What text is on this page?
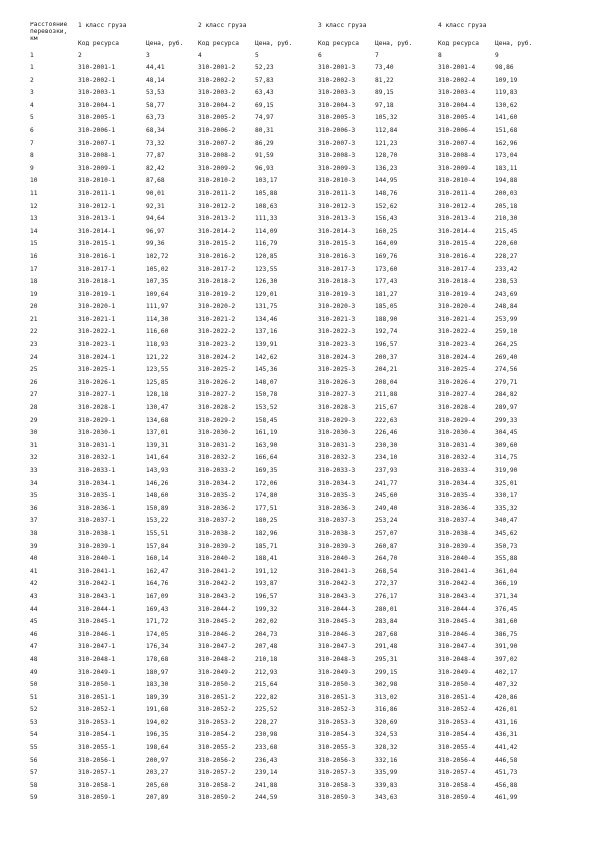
Расстояние перевозки, км	1 класс груза		2 класс груза		3 класс груза		4 класс груза	
	Код ресурса	Цена, руб.	Код ресурса	Цена, руб.	Код ресурса	Цена, руб.	Код ресурса	Цена, руб.
1	2	3	4	5	6	7	8	9
1	310-2001-1	44,41	310-2001-2	52,23	310-2001-3	73,40	310-2001-4	98,86
2	310-2002-1	48,14	310-2002-2	57,83	310-2002-3	81,22	310-2002-4	109,19
3	310-2003-1	53,53	310-2003-2	63,43	310-2003-3	89,15	310-2003-4	119,83
4	310-2004-1	58,77	310-2004-2	69,15	310-2004-3	97,18	310-2004-4	130,62
5	310-2005-1	63,73	310-2005-2	74,97	310-2005-3	105,32	310-2005-4	141,60
6	310-2006-1	68,34	310-2006-2	80,31	310-2006-3	112,84	310-2006-4	151,68
7	310-2007-1	73,32	310-2007-2	86,29	310-2007-3	121,23	310-2007-4	162,96
8	310-2008-1	77,87	310-2008-2	91,59	310-2008-3	128,70	310-2008-4	173,04
9	310-2009-1	82,42	310-2009-2	96,93	310-2009-3	136,23	310-2009-4	183,11
10	310-2010-1	87,68	310-2010-2	103,17	310-2010-3	144,95	310-2010-4	194,88
11	310-2011-1	90,01	310-2011-2	105,88	310-2011-3	148,76	310-2011-4	200,03
12	310-2012-1	92,31	310-2012-2	108,63	310-2012-3	152,62	310-2012-4	205,18
13	310-2013-1	94,64	310-2013-2	111,33	310-2013-3	156,43	310-2013-4	210,30
14	310-2014-1	96,97	310-2014-2	114,09	310-2014-3	160,25	310-2014-4	215,45
15	310-2015-1	99,36	310-2015-2	116,79	310-2015-3	164,09	310-2015-4	220,60
16	310-2016-1	102,72	310-2016-2	120,85	310-2016-3	169,76	310-2016-4	228,27
17	310-2017-1	105,02	310-2017-2	123,55	310-2017-3	173,60	310-2017-4	233,42
18	310-2018-1	107,35	310-2018-2	126,30	310-2018-3	177,43	310-2018-4	238,53
19	310-2019-1	109,64	310-2019-2	129,01	310-2019-3	181,27	310-2019-4	243,69
20	310-2020-1	111,97	310-2020-2	131,75	310-2020-3	185,05	310-2020-4	248,84
21	310-2021-1	114,30	310-2021-2	134,46	310-2021-3	188,90	310-2021-4	253,99
22	310-2022-1	116,60	310-2022-2	137,16	310-2022-3	192,74	310-2022-4	259,10
23	310-2023-1	118,93	310-2023-2	139,91	310-2023-3	196,57	310-2023-4	264,25
24	310-2024-1	121,22	310-2024-2	142,62	310-2024-3	200,37	310-2024-4	269,40
25	310-2025-1	123,55	310-2025-2	145,36	310-2025-3	204,21	310-2025-4	274,56
26	310-2026-1	125,85	310-2026-2	148,07	310-2026-3	208,04	310-2026-4	279,71
27	310-2027-1	128,18	310-2027-2	150,78	310-2027-3	211,88	310-2027-4	284,82
28	310-2028-1	130,47	310-2028-2	153,52	310-2028-3	215,67	310-2028-4	289,97
29	310-2029-1	134,68	310-2029-2	158,45	310-2029-3	222,63	310-2029-4	299,33
30	310-2030-1	137,01	310-2030-2	161,19	310-2030-3	226,46	310-2030-4	304,45
31	310-2031-1	139,31	310-2031-2	163,90	310-2031-3	230,30	310-2031-4	309,60
32	310-2032-1	141,64	310-2032-2	166,64	310-2032-3	234,10	310-2032-4	314,75
33	310-2033-1	143,93	310-2033-2	169,35	310-2033-3	237,93	310-2033-4	319,90
34	310-2034-1	146,26	310-2034-2	172,06	310-2034-3	241,77	310-2034-4	325,01
35	310-2035-1	148,60	310-2035-2	174,80	310-2035-3	245,60	310-2035-4	330,17
36	310-2036-1	150,89	310-2036-2	177,51	310-2036-3	249,40	310-2036-4	335,32
37	310-2037-1	153,22	310-2037-2	180,25	310-2037-3	253,24	310-2037-4	340,47
38	310-2038-1	155,51	310-2038-2	182,96	310-2038-3	257,07	310-2038-4	345,62
39	310-2039-1	157,84	310-2039-2	185,71	310-2039-3	260,87	310-2039-4	350,73
40	310-2040-1	160,14	310-2040-2	188,41	310-2040-3	264,70	310-2040-4	355,88
41	310-2041-1	162,47	310-2041-2	191,12	310-2041-3	268,54	310-2041-4	361,04
42	310-2042-1	164,76	310-2042-2	193,87	310-2042-3	272,37	310-2042-4	366,19
43	310-2043-1	167,09	310-2043-2	196,57	310-2043-3	276,17	310-2043-4	371,34
44	310-2044-1	169,43	310-2044-2	199,32	310-2044-3	280,01	310-2044-4	376,45
45	310-2045-1	171,72	310-2045-2	202,02	310-2045-3	283,84	310-2045-4	381,60
46	310-2046-1	174,05	310-2046-2	204,73	310-2046-3	287,68	310-2046-4	386,75
47	310-2047-1	176,34	310-2047-2	207,48	310-2047-3	291,48	310-2047-4	391,90
48	310-2048-1	178,68	310-2048-2	210,18	310-2048-3	295,31	310-2048-4	397,02
49	310-2049-1	180,97	310-2049-2	212,93	310-2049-3	299,15	310-2049-4	402,17
50	310-2050-1	183,30	310-2050-2	215,64	310-2050-3	302,98	310-2050-4	407,32
51	310-2051-1	189,39	310-2051-2	222,82	310-2051-3	313,02	310-2051-4	420,86
52	310-2052-1	191,68	310-2052-2	225,52	310-2052-3	316,86	310-2052-4	426,01
53	310-2053-1	194,02	310-2053-2	228,27	310-2053-3	320,69	310-2053-4	431,16
54	310-2054-1	196,35	310-2054-2	230,98	310-2054-3	324,53	310-2054-4	436,31
55	310-2055-1	198,64	310-2055-2	233,68	310-2055-3	328,32	310-2055-4	441,42
56	310-2056-1	200,97	310-2056-2	236,43	310-2056-3	332,16	310-2056-4	446,58
57	310-2057-1	203,27	310-2057-2	239,14	310-2057-3	335,99	310-2057-4	451,73
58	310-2058-1	205,60	310-2058-2	241,88	310-2058-3	339,83	310-2058-4	456,88
59	310-2059-1	207,89	310-2059-2	244,59	310-2059-3	343,63	310-2059-4	461,99
